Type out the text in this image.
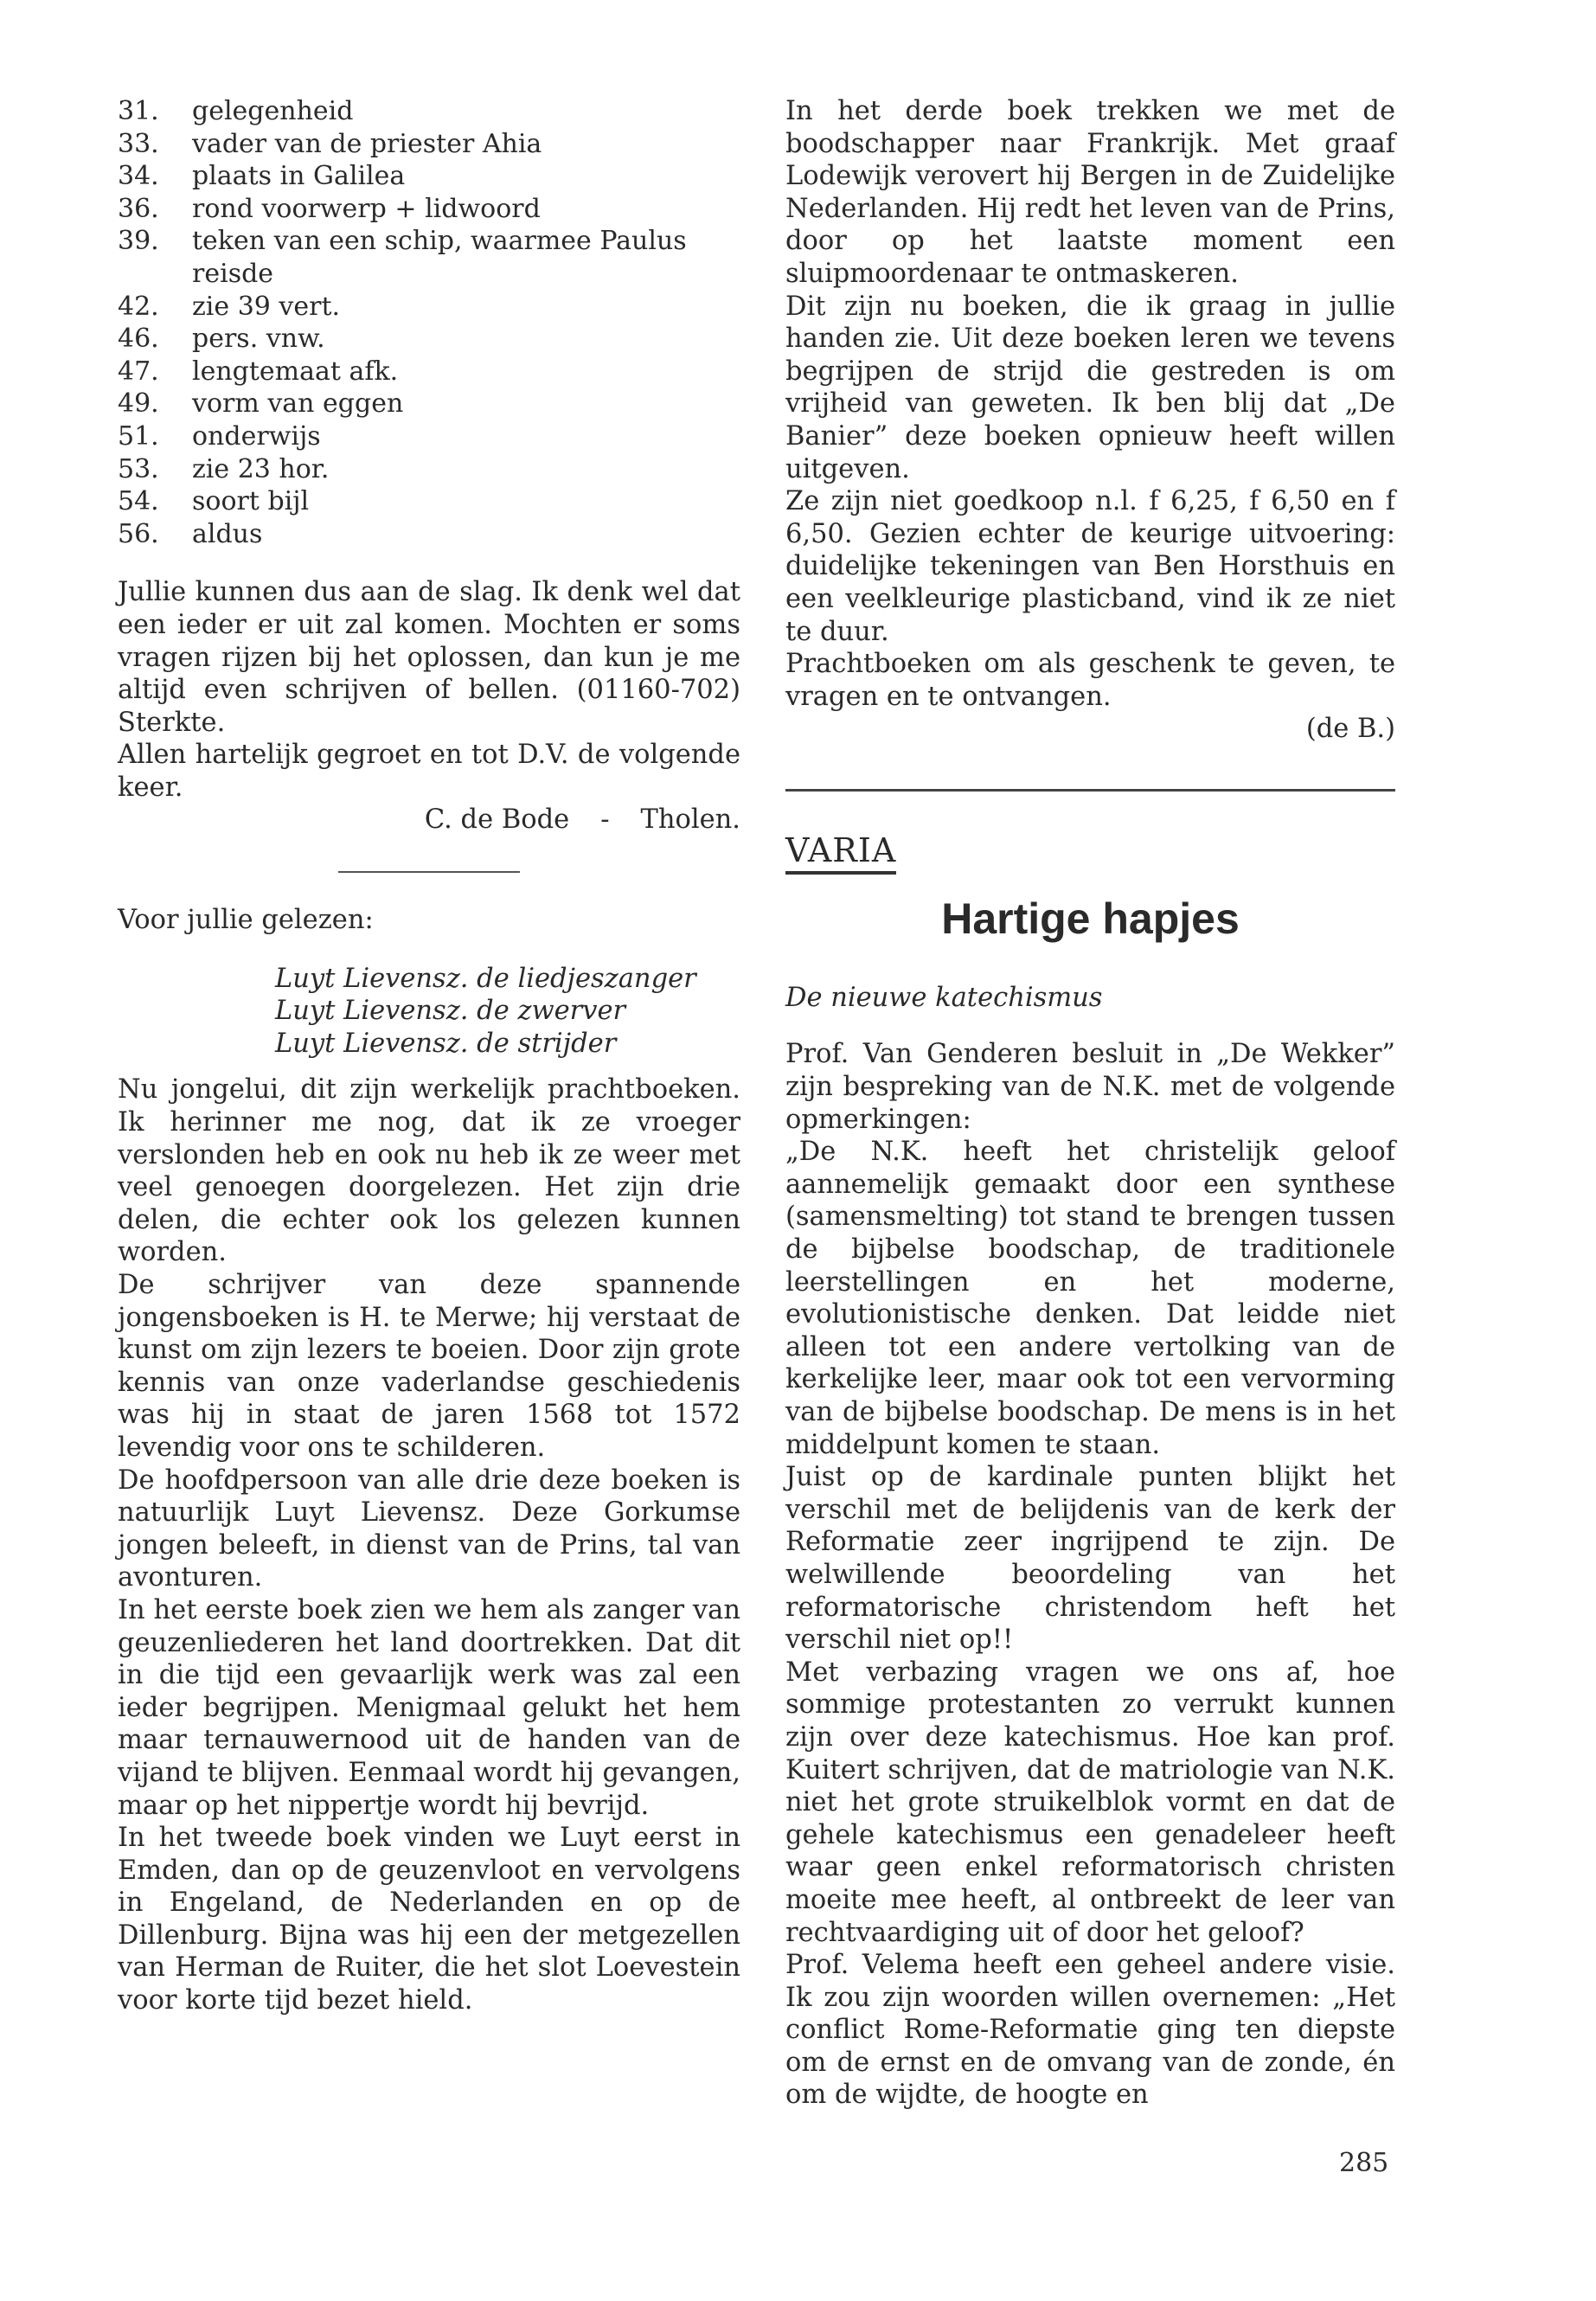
31.	gelegenheid
33.	vader van de priester Ahia
34.	plaats in Galilea
36.	rond voorwerp + lidwoord
39.	teken van een schip, waarmee Paulus reisde
42.	zie 39 vert.
46.	pers. vnw.
47.	lengtemaat afk.
49.	vorm van eggen
51.	onderwijs
53.	zie 23 hor.
54.	soort bijl
56.	aldus

Jullie kunnen dus aan de slag. Ik denk wel dat een ieder er uit zal komen. Mochten er soms vragen rijzen bij het oplossen, dan kun je me altijd even schrijven of bellen. (01160-702) Sterkte.

Allen hartelijk gegroet en tot D.V. de volgende keer.

C. de Bode - Tholen.

Voor jullie gelezen:

Luyt Lievensz. de liedjeszanger
Luyt Lievensz. de zwerver
Luyt Lievensz. de strijder

Nu jongelui, dit zijn werkelijk prachtboeken. Ik herinner me nog, dat ik ze vroeger verslonden heb en ook nu heb ik ze weer met veel genoegen doorgelezen. Het zijn drie delen, die echter ook los gelezen kunnen worden.

De schrijver van deze spannende jongensboeken is H. te Merwe; hij verstaat de kunst om zijn lezers te boeien. Door zijn grote kennis van onze vaderlandse geschiedenis was hij in staat de jaren 1568 tot 1572 levendig voor ons te schilderen.

De hoofdpersoon van alle drie deze boeken is natuurlijk Luyt Lievensz. Deze Gorkumse jongen beleeft, in dienst van de Prins, tal van avonturen.

In het eerste boek zien we hem als zanger van geuzenliederen het land doortrekken. Dat dit in die tijd een gevaarlijk werk was zal een ieder begrijpen. Menigmaal gelukt het hem maar ternauwernood uit de handen van de vijand te blijven. Eenmaal wordt hij gevangen, maar op het nippertje wordt hij bevrijd.

In het tweede boek vinden we Luyt eerst in Emden, dan op de geuzenvloot en vervolgens in Engeland, de Nederlanden en op de Dillenburg. Bijna was hij een der metgezellen van Herman de Ruiter, die het slot Loevestein voor korte tijd bezet hield.

In het derde boek trekken we met de boodschapper naar Frankrijk. Met graaf Lodewijk verovert hij Bergen in de Zuidelijke Nederlanden. Hij redt het leven van de Prins, door op het laatste moment een sluipmoordenaar te ontmaskeren.

Dit zijn nu boeken, die ik graag in jullie handen zie. Uit deze boeken leren we tevens begrijpen de strijd die gestreden is om vrijheid van geweten. Ik ben blij dat „De Banier” deze boeken opnieuw heeft willen uitgeven.

Ze zijn niet goedkoop n.l. f 6,25, f 6,50 en f 6,50. Gezien echter de keurige uitvoering: duidelijke tekeningen van Ben Horsthuis en een veelkleurige plasticband, vind ik ze niet te duur.

Prachtboeken om als geschenk te geven, te vragen en te ontvangen.

(de B.)
VARIA
Hartige hapjes
De nieuwe katechismus

Prof. Van Genderen besluit in „De Wekker” zijn bespreking van de N.K. met de volgende opmerkingen:

„De N.K. heeft het christelijk geloof aannemelijk gemaakt door een synthese (samensmelting) tot stand te brengen tussen de bijbelse boodschap, de traditionele leerstellingen en het moderne, evolutionistische denken. Dat leidde niet alleen tot een andere vertolking van de kerkelijke leer, maar ook tot een vervorming van de bijbelse boodschap. De mens is in het middelpunt komen te staan.

Juist op de kardinale punten blijkt het verschil met de belijdenis van de kerk der Reformatie zeer ingrijpend te zijn. De welwillende beoordeling van het reformatorische christendom heft het verschil niet op!!

Met verbazing vragen we ons af, hoe sommige protestanten zo verrukt kunnen zijn over deze katechismus. Hoe kan prof. Kuitert schrijven, dat de matriologie van N.K. niet het grote struikelblok vormt en dat de gehele katechismus een genadeleer heeft waar geen enkel reformatorisch christen moeite mee heeft, al ontbreekt de leer van rechtvaardiging uit of door het geloof?

Prof. Velema heeft een geheel andere visie. Ik zou zijn woorden willen overnemen: „Het conflict Rome-Reformatie ging ten diepste om de ernst en de omvang van de zonde, én om de wijdte, de hoogte en

285
